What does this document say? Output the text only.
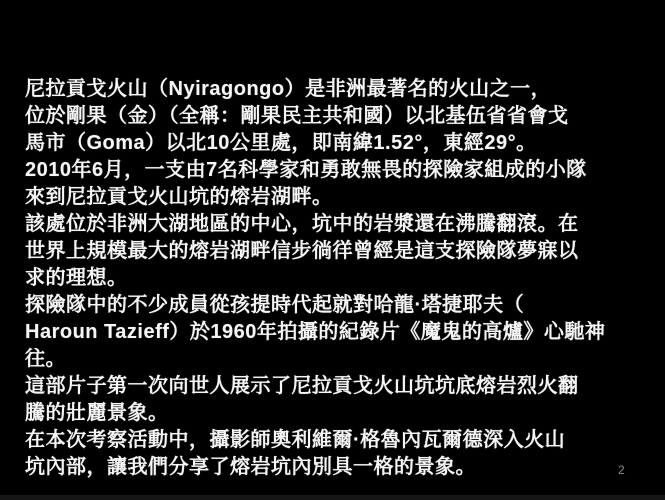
尼拉貢戈火山（Nyiragongo）是非洲最著名的火山之一，
位於剛果（金）（全稱：剛果民主共和國）以北基伍省省會戈
馬市（Goma）以北10公里處，即南緯1.52°，東經29°。
2010年6月，一支由7名科學家和勇敢無畏的探險家組成的小隊
來到尼拉貢戈火山坑的熔岩湖畔。
該處位於非洲大湖地區的中心，坑中的岩漿還在沸騰翻滾。在
世界上規模最大的熔岩湖畔信步徜徉曾經是這支探險隊夢寐以
求的理想。
探險隊中的不少成員從孩提時代起就對哈龍·塔捷耶夫（
Haroun Tazieff）於1960年拍攝的紀錄片《魔鬼的高爐》心馳神
往。
這部片子第一次向世人展示了尼拉貢戈火山坑坑底熔岩烈火翻
騰的壯麗景象。
在本次考察活動中，攝影師奧利維爾·格魯內瓦爾德深入火山
坑內部，讓我們分享了熔岩坑內別具一格的景象。	2
